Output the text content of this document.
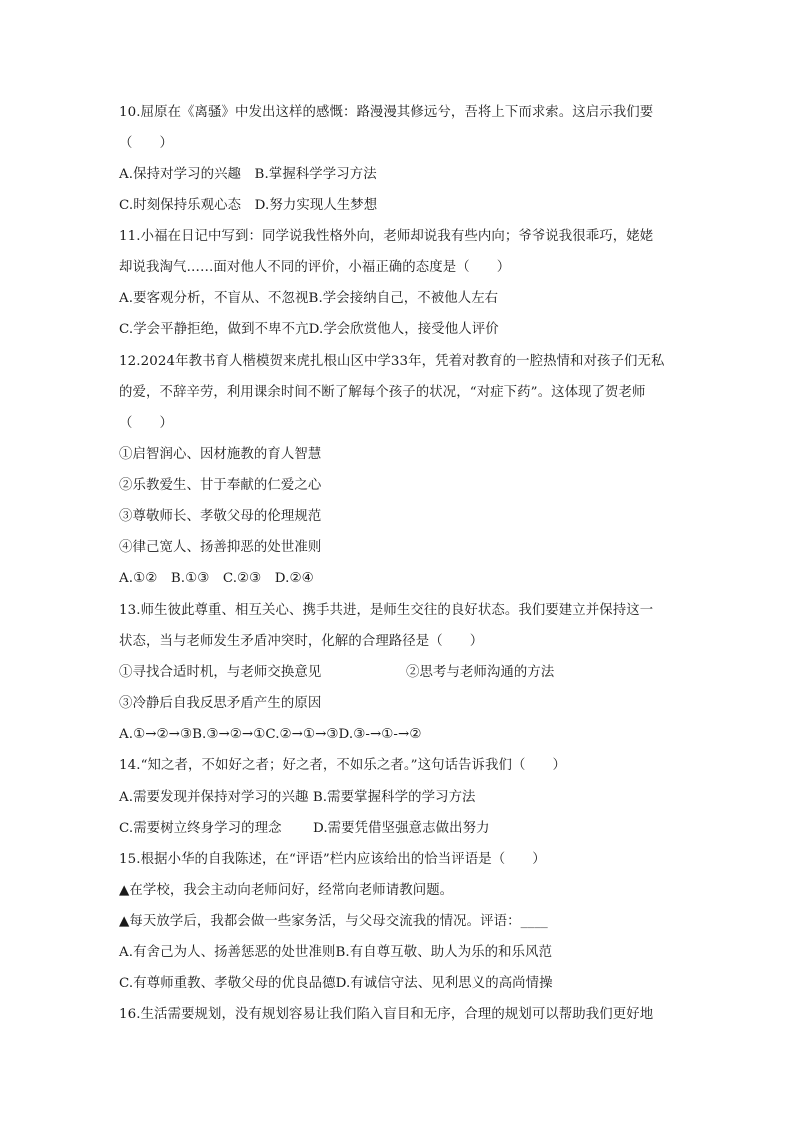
10.屈原在《离骚》中发出这样的感慨：路漫漫其修远兮，吾将上下而求索。这启示我们要
（　　）
A.保持对学习的兴趣　B.掌握科学学习方法
C.时刻保持乐观心态　D.努力实现人生梦想
11.小福在日记中写到：同学说我性格外向，老师却说我有些内向；爷爷说我很乖巧，姥姥
却说我淘气……面对他人不同的评价，小福正确的态度是（　　）
A.要客观分析，不盲从、不忽视B.学会接纳自己，不被他人左右
C.学会平静拒绝，做到不卑不亢D.学会欣赏他人，接受他人评价
12.2024年教书育人楷模贺来虎扎根山区中学33年，凭着对教育的一腔热情和对孩子们无私
的爱，不辞辛劳，利用课余时间不断了解每个孩子的状况，“对症下药”。这体现了贺老师
（　　）
①启智润心、因材施教的育人智慧
②乐教爱生、甘于奉献的仁爱之心
③尊敬师长、孝敬父母的伦理规范
④律己宽人、扬善抑恶的处世准则
A.①②　B.①③　C.②③　D.②④
13.师生彼此尊重、相互关心、携手共进，是师生交往的良好状态。我们要建立并保持这一
状态，当与老师发生矛盾冲突时，化解的合理路径是（　　）
①寻找合适时机，与老师交换意见	②思考与老师沟通的方法
③冷静后自我反思矛盾产生的原因
A.①→②→③B.③→②→①C.②→①→③D.③-→①-→②
14.“知之者，不如好之者；好之者，不如乐之者。”这句话告诉我们（　　）
A.需要发现并保持对学习的兴趣 B.需要掌握科学的学习方法
C.需要树立终身学习的理念　　 D.需要凭借坚强意志做出努力
15.根据小华的自我陈述，在“评语”栏内应该给出的恰当评语是（　　）
▲在学校，我会主动向老师问好，经常向老师请教问题。
▲每天放学后，我都会做一些家务活，与父母交流我的情况。评语：____
A.有舍己为人、扬善惩恶的处世准则B.有自尊互敬、助人为乐的和乐风范
C.有尊师重教、孝敬父母的优良品德D.有诚信守法、见利思义的高尚情操
16.生活需要规划，没有规划容易让我们陷入盲目和无序，合理的规划可以帮助我们更好地
